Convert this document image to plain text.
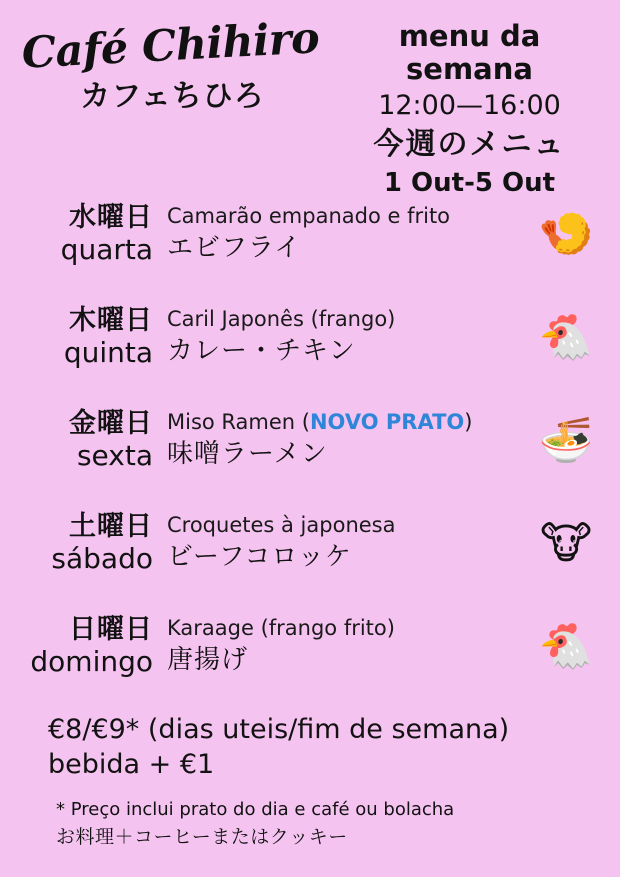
Café Chihiro
カフェちひろ
menu da semana
12:00—16:00
今週のメニュ
1 Out-5 Out
水曜日
quarta
Camarão empanado e frito
エビフライ	🍤
木曜日
quinta
Caril Japonês (frango)
カレー・チキン	🐔
金曜日
sexta
Miso Ramen (NOVO PRATO)
味噌ラーメン	🍜
土曜日
sábado
Croquetes à japonesa
ビーフコロッケ	🐮
日曜日
domingo
Karaage (frango frito)
唐揚げ	🐔
€8/€9* (dias uteis/fim de semana)
bebida + €1
* Preço inclui prato do dia e café ou bolacha
お料理＋コーヒーまたはクッキー
